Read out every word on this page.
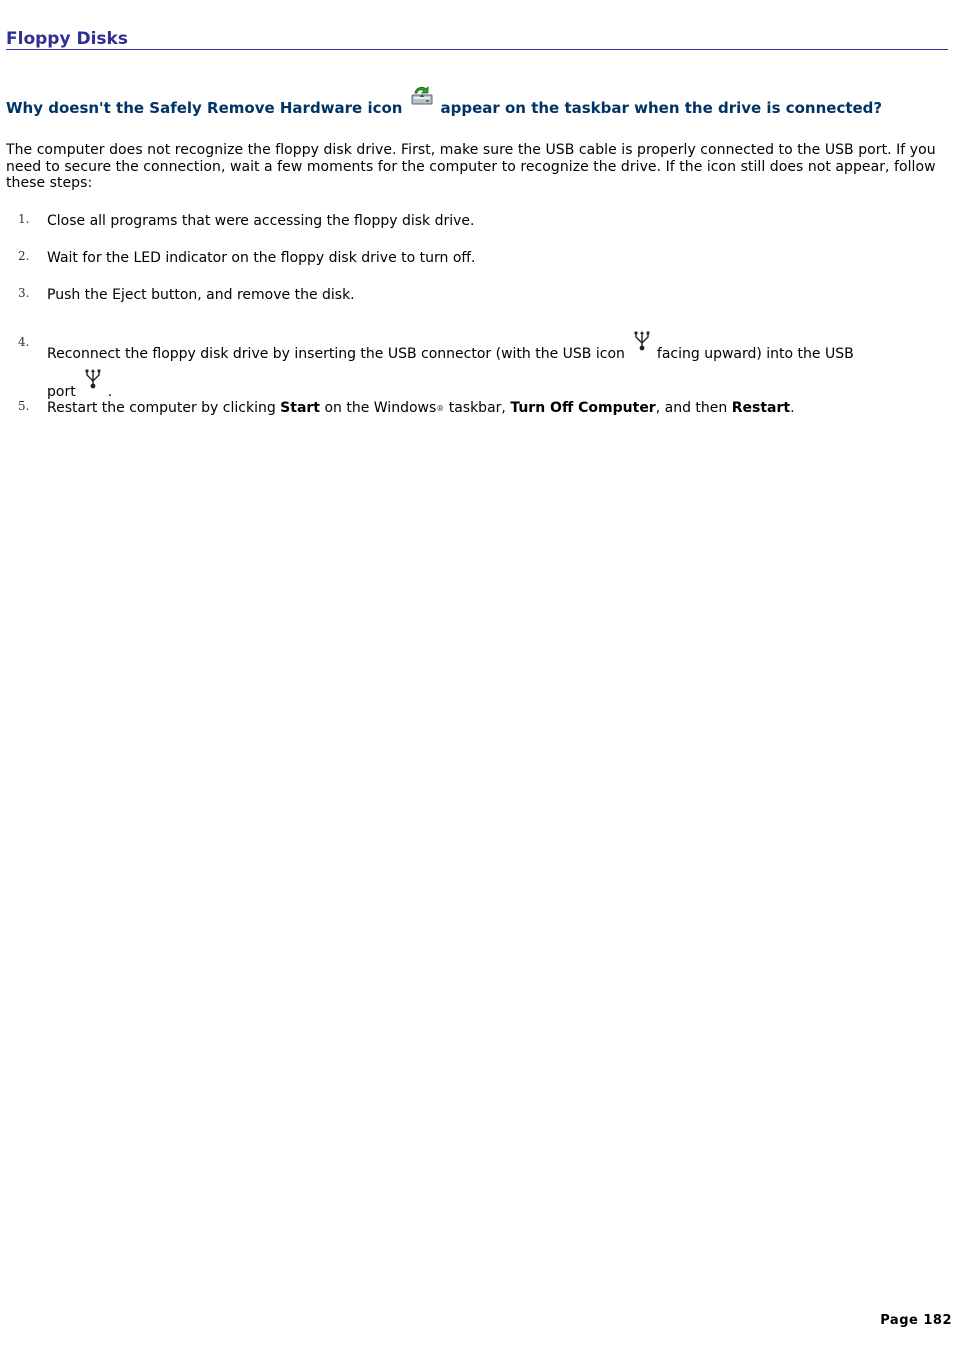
Floppy Disks
Why doesn't the Safely Remove Hardware icon	appear on the taskbar when the drive is connected?
The computer does not recognize the floppy disk drive. First, make sure the USB cable is properly connected to the USB port. If you need to secure the connection, wait a few moments for the computer to recognize the drive. If the icon still does not appear, follow these steps:
1. Close all programs that were accessing the floppy disk drive.
2. Wait for the LED indicator on the floppy disk drive to turn off.
3. Push the Eject button, and remove the disk.
4.
Reconnect the floppy disk drive by inserting the USB connector (with the USB icon facing upward) into the USB
port .
5. Restart the computer by clicking Start on the Windows® taskbar, Turn Off Computer, and then Restart.
Page 182
